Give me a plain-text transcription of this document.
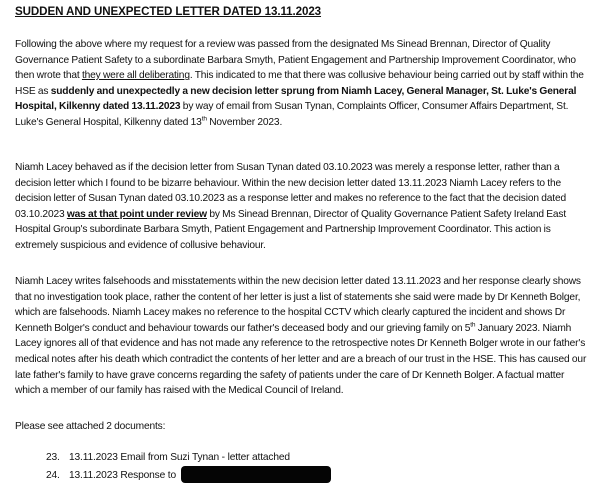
SUDDEN AND UNEXPECTED LETTER DATED 13.11.2023

Following the above where my request for a review was passed from the designated Ms Sinead Brennan, Director of Quality Governance Patient Safety to a subordinate Barbara Smyth, Patient Engagement and Partnership Improvement Coordinator, who then wrote that they were all deliberating. This indicated to me that there was collusive behaviour being carried out by staff within the HSE as suddenly and unexpectedly a new decision letter sprung from Niamh Lacey, General Manager, St. Luke's General Hospital, Kilkenny dated 13.11.2023 by way of email from Susan Tynan, Complaints Officer, Consumer Affairs Department, St. Luke's General Hospital, Kilkenny dated 13th November 2023.

Niamh Lacey behaved as if the decision letter from Susan Tynan dated 03.10.2023 was merely a response letter, rather than a decision letter which I found to be bizarre behaviour. Within the new decision letter dated 13.11.2023 Niamh Lacey refers to the decision letter of Susan Tynan dated 03.10.2023 as a response letter and makes no reference to the fact that the decision dated 03.10.2023 was at that point under review by Ms Sinead Brennan, Director of Quality Governance Patient Safety Ireland East Hospital Group's subordinate Barbara Smyth, Patient Engagement and Partnership Improvement Coordinator. This action is extremely suspicious and evidence of collusive behaviour.

Niamh Lacey writes falsehoods and misstatements within the new decision letter dated 13.11.2023 and her response clearly shows that no investigation took place, rather the content of her letter is just a list of statements she said were made by Dr Kenneth Bolger, which are falsehoods. Niamh Lacey makes no reference to the hospital CCTV which clearly captured the incident and shows Dr Kenneth Bolger's conduct and behaviour towards our father's deceased body and our grieving family on 5th January 2023. Niamh Lacey ignores all of that evidence and has not made any reference to the retrospective notes Dr Kenneth Bolger wrote in our father's medical notes after his death which contradict the contents of her letter and are a breach of our trust in the HSE. This has caused our late father's family to have grave concerns regarding the safety of patients under the care of Dr Kenneth Bolger. A factual matter which a member of our family has raised with the Medical Council of Ireland.

Please see attached 2 documents:

23. 13.11.2023 Email from Suzi Tynan - letter attached
24. 13.11.2023 Response to
